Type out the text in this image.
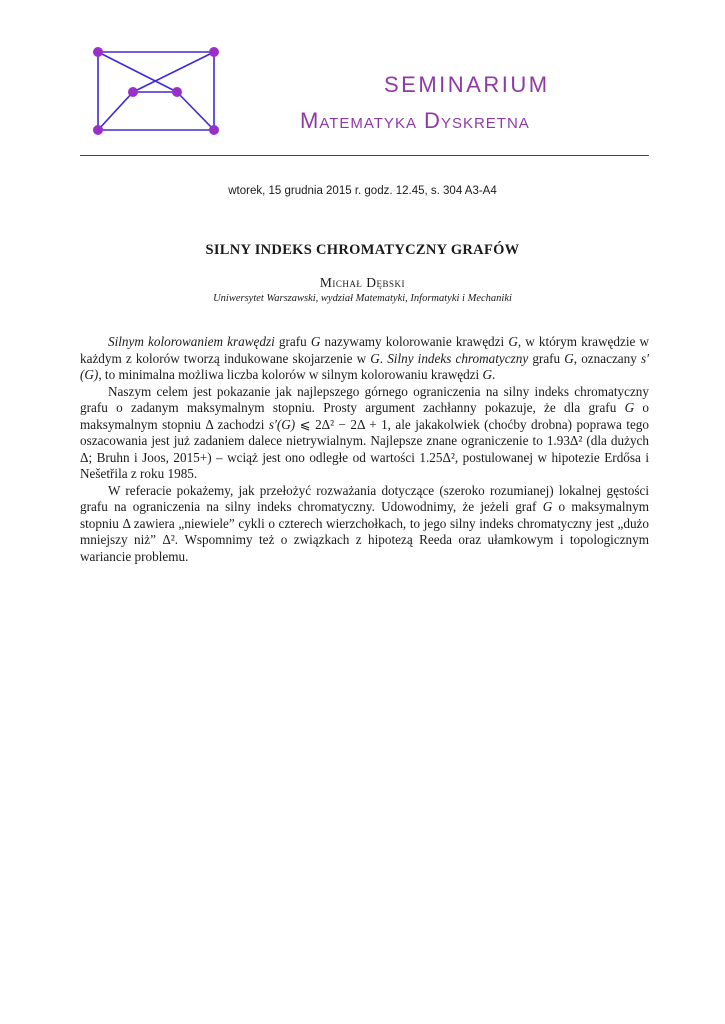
SEMINARIUM
Matematyka Dyskretna
wtorek, 15 grudnia 2015 r. godz. 12.45, s. 304 A3-A4
SILNY INDEKS CHROMATYCZNY GRAFÓW
Michał Dębski
Uniwersytet Warszawski, wydział Matematyki, Informatyki i Mechaniki

Silnym kolorowaniem krawędzi grafu G nazywamy kolorowanie krawędzi G, w którym krawędzie w każdym z kolorów tworzą indukowane skojarzenie w G. Silny indeks chromatyczny grafu G, oznaczany s′(G), to minimalna możliwa liczba kolorów w silnym kolorowaniu krawędzi G.

Naszym celem jest pokazanie jak najlepszego górnego ograniczenia na silny indeks chromatyczny grafu o zadanym maksymalnym stopniu. Prosty argument zachłanny pokazuje, że dla grafu G o maksymalnym stopniu Δ zachodzi s′(G) ⩽ 2Δ² − 2Δ + 1, ale jakakolwiek (choćby drobna) poprawa tego oszacowania jest już zadaniem dalece nietrywialnym. Najlepsze znane ograniczenie to 1.93Δ² (dla dużych Δ; Bruhn i Joos, 2015+) – wciąż jest ono odległe od wartości 1.25Δ², postulowanej w hipotezie Erdősa i Nešetřila z roku 1985.

W referacie pokażemy, jak przełożyć rozważania dotyczące (szeroko rozumianej) lokalnej gęstości grafu na ograniczenia na silny indeks chromatyczny. Udowodnimy, że jeżeli graf G o maksymalnym stopniu Δ zawiera „niewiele” cykli o czterech wierzchołkach, to jego silny indeks chromatyczny jest „dużo mniejszy niż” Δ². Wspomnimy też o związkach z hipotezą Reeda oraz ułamkowym i topologicznym wariancie problemu.
